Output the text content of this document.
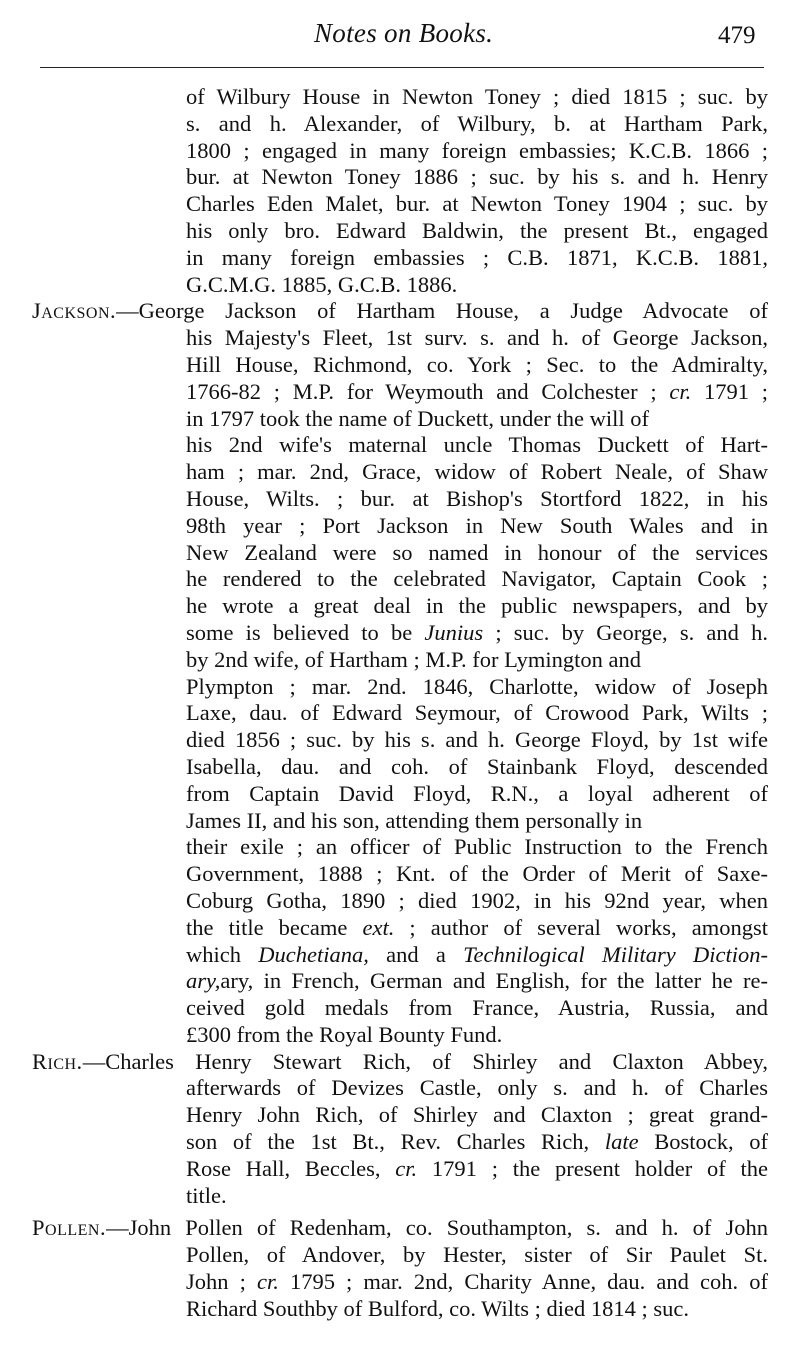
Notes on Books.	479
of Wilbury House in Newton Toney ; died 1815 ; suc. by
s. and h. Alexander, of Wilbury, b. at Hartham Park,
1800 ; engaged in many foreign embassies; K.C.B. 1866 ;
bur. at Newton Toney 1886 ; suc. by his s. and h. Henry
Charles Eden Malet, bur. at Newton Toney 1904 ; suc. by
his only bro. Edward Baldwin, the present Bt., engaged
in many foreign embassies ; C.B. 1871, K.C.B. 1881,
G.C.M.G. 1885, G.C.B. 1886.
Jackson.—George Jackson of Hartham House, a Judge Advocate of
his Majesty's Fleet, 1st surv. s. and h. of George Jackson,
Hill House, Richmond, co. York ; Sec. to the Admiralty,
1766-82 ; M.P. for Weymouth and Colchester ; cr. 1791 ;
in 1797 took the name of Duckett, under the will of
his 2nd wife's maternal uncle Thomas Duckett of Hart-
ham ; mar. 2nd, Grace, widow of Robert Neale, of Shaw
House, Wilts. ; bur. at Bishop's Stortford 1822, in his
98th year ; Port Jackson in New South Wales and in
New Zealand were so named in honour of the services
he rendered to the celebrated Navigator, Captain Cook ;
he wrote a great deal in the public newspapers, and by
some is believed to be Junius ; suc. by George, s. and h.
by 2nd wife, of Hartham ; M.P. for Lymington and
Plympton ; mar. 2nd. 1846, Charlotte, widow of Joseph
Laxe, dau. of Edward Seymour, of Crowood Park, Wilts ;
died 1856 ; suc. by his s. and h. George Floyd, by 1st wife
Isabella, dau. and coh. of Stainbank Floyd, descended
from Captain David Floyd, R.N., a loyal adherent of
James II, and his son, attending them personally in
their exile ; an officer of Public Instruction to the French
Government, 1888 ; Knt. of the Order of Merit of Saxe-
Coburg Gotha, 1890 ; died 1902, in his 92nd year, when
the title became ext. ; author of several works, amongst
which Duchetiana, and a Technilogical Military Diction-
ary,ary, in French, German and English, for the latter he re-
ceived gold medals from France, Austria, Russia, and
£300 from the Royal Bounty Fund.
Rich.—Charles Henry Stewart Rich, of Shirley and Claxton Abbey,
afterwards of Devizes Castle, only s. and h. of Charles
Henry John Rich, of Shirley and Claxton ; great grand-
son of the 1st Bt., Rev. Charles Rich, late Bostock, of
Rose Hall, Beccles, cr. 1791 ; the present holder of the
title.
Pollen.—John Pollen of Redenham, co. Southampton, s. and h. of John
Pollen, of Andover, by Hester, sister of Sir Paulet St.
John ; cr. 1795 ; mar. 2nd, Charity Anne, dau. and coh. of
Richard Southby of Bulford, co. Wilts ; died 1814 ; suc.
